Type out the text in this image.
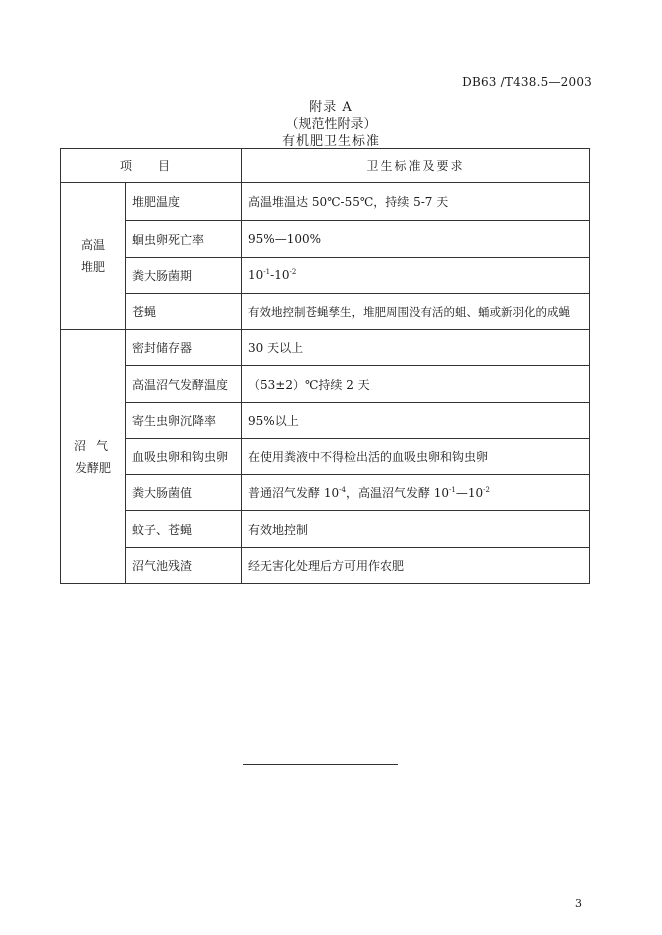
DB63 /T438.5—2003
附录 A
（规范性附录）
有机肥卫生标准
项目		卫生标准及要求

高温
堆肥	堆肥温度	高温堆温达 50℃-55℃，持续 5-7 天
	蛔虫卵死亡率	95%—100%
	粪大肠菌期	$10^{-1}-10^{-2}$
	苍蝇	有效地控制苍蝇孳生，堆肥周围没有活的蛆、蛹或新羽化的成蝇

沼气
发酵肥	密封储存器	30 天以上
	高温沼气发酵温度	（53±2）℃持续 2 天
	寄生虫卵沉降率	95%以上
	血吸虫卵和钩虫卵	在使用粪液中不得检出活的血吸虫卵和钩虫卵
	粪大肠菌值	普通沼气发酵 $10^{-4}$，高温沼气发酵 $10^{-1}—10^{-2}$
	蚊子、苍蝇	有效地控制
	沼气池残渣	经无害化处理后方可用作农肥
3
